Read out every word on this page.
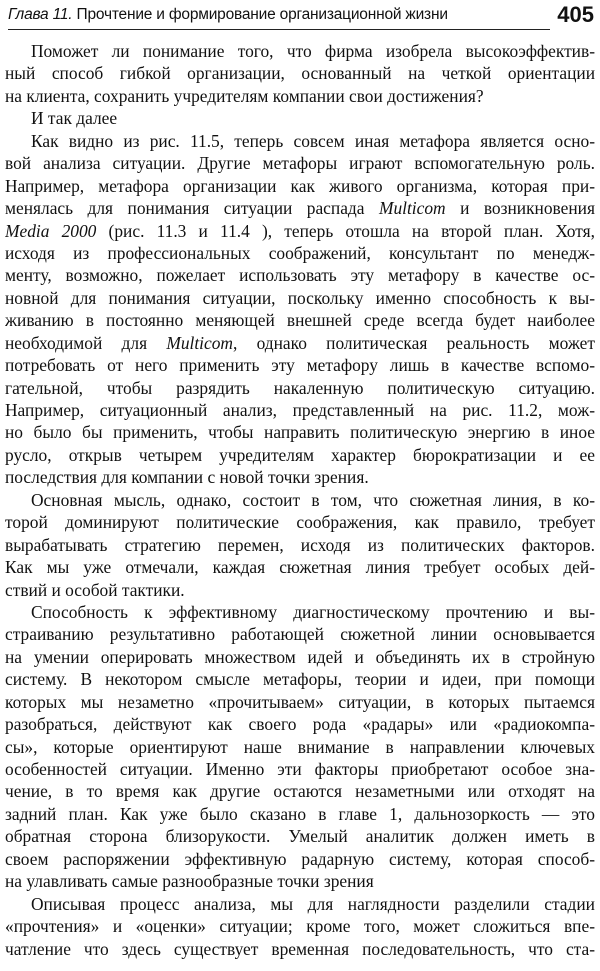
Глава 11. Прочтение и формирование организационной жизни	405
Поможет ли понимание того, что фирма изобрела высокоэффектив-
ный способ гибкой организации, основанный на четкой ориентации
на клиента, сохранить учредителям компании свои достижения?
И так далее
Как видно из рис. 11.5, теперь совсем иная метафора является осно-
вой анализа ситуации. Другие метафоры играют вспомогательную роль.
Например, метафора организации как живого организма, которая при-
менялась для понимания ситуации распада Multicom и возникновения
Media 2000 (рис. 11.3 и 11.4 ), теперь отошла на второй план. Хотя,
исходя из профессиональных соображений, консультант по менедж-
менту, возможно, пожелает использовать эту метафору в качестве ос-
новной для понимания ситуации, поскольку именно способность к вы-
живанию в постоянно меняющей внешней среде всегда будет наиболее
необходимой для Multicom, однако политическая реальность может
потребовать от него применить эту метафору лишь в качестве вспомо-
гательной, чтобы разрядить накаленную политическую ситуацию.
Например, ситуационный анализ, представленный на рис. 11.2, мож-
но было бы применить, чтобы направить политическую энергию в иное
русло, открыв четырем учредителям характер бюрократизации и ее
последствия для компании с новой точки зрения.
Основная мысль, однако, состоит в том, что сюжетная линия, в ко-
торой доминируют политические соображения, как правило, требует
вырабатывать стратегию перемен, исходя из политических факторов.
Как мы уже отмечали, каждая сюжетная линия требует особых дей-
ствий и особой тактики.
Способность к эффективному диагностическому прочтению и вы-
страиванию результативно работающей сюжетной линии основывается
на умении оперировать множеством идей и объединять их в стройную
систему. В некотором смысле метафоры, теории и идеи, при помощи
которых мы незаметно «прочитываем» ситуации, в которых пытаемся
разобраться, действуют как своего рода «радары» или «радиокомпа-
сы», которые ориентируют наше внимание в направлении ключевых
особенностей ситуации. Именно эти факторы приобретают особое зна-
чение, в то время как другие остаются незаметными или отходят на
задний план. Как уже было сказано в главе 1, дальнозоркость — это
обратная сторона близорукости. Умелый аналитик должен иметь в
своем распоряжении эффективную радарную систему, которая способ-
на улавливать самые разнообразные точки зрения
Описывая процесс анализа, мы для наглядности разделили стадии
«прочтения» и «оценки» ситуации; кроме того, может сложиться впе-
чатление что здесь существует временная последовательность, что ста-
